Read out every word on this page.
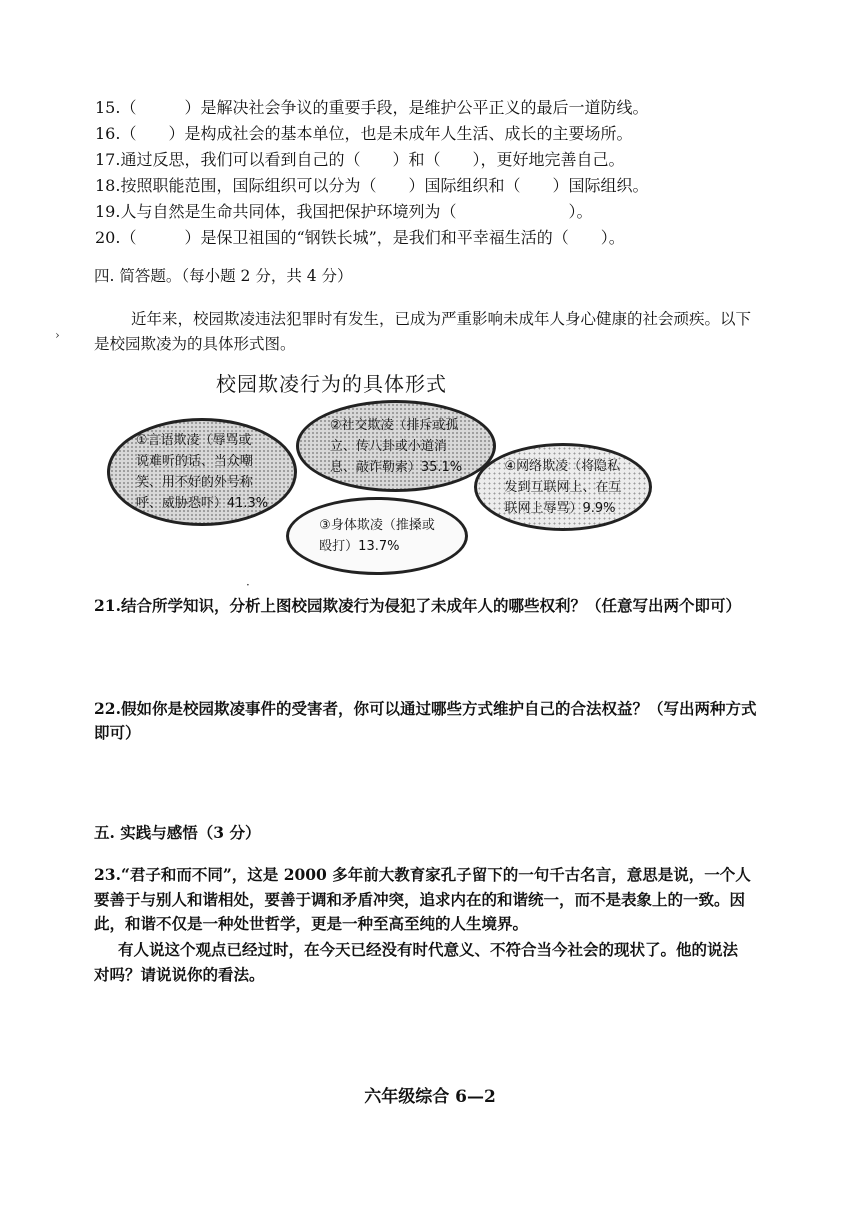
15.（　　　）是解决社会争议的重要手段，是维护公平正义的最后一道防线。
16.（　　）是构成社会的基本单位，也是未成年人生活、成长的主要场所。
17.通过反思，我们可以看到自己的（　　）和（　　），更好地完善自己。
18.按照职能范围，国际组织可以分为（　　）国际组织和（　　）国际组织。
19.人与自然是生命共同体，我国把保护环境列为（　　　　　　　）。
20.（　　　）是保卫祖国的“钢铁长城”，是我们和平幸福生活的（　　）。
四. 简答题。（每小题 2 分，共 4 分）
近年来，校园欺凌违法犯罪时有发生，已成为严重影响未成年人身心健康的社会顽疾。以下
是校园欺凌为的具体形式图。
›
校园欺凌行为的具体形式
①言语欺凌（辱骂或
说难听的话、当众嘲
笑、用不好的外号称
呼、威胁恐吓）41.3%
②社交欺凌（排斥或孤
立、传八卦或小道消
息、敲诈勒索）35.1%	④网络欺凌（将隐私
发到互联网上、在互
联网上辱骂）9.9%
③身体欺凌（推搡或
殴打）13.7%
·
21.结合所学知识，分析上图校园欺凌行为侵犯了未成年人的哪些权利？（任意写出两个即可）
22.假如你是校园欺凌事件的受害者，你可以通过哪些方式维护自己的合法权益？（写出两种方式
即可）
五. 实践与感悟（3 分）
23.“君子和而不同”，这是 2000 多年前大教育家孔子留下的一句千古名言，意思是说，一个人
要善于与别人和谐相处，要善于调和矛盾冲突，追求内在的和谐统一，而不是表象上的一致。因
此，和谐不仅是一种处世哲学，更是一种至高至纯的人生境界。
有人说这个观点已经过时，在今天已经没有时代意义、不符合当今社会的现状了。他的说法
对吗？请说说你的看法。
六年级综合 6—2
